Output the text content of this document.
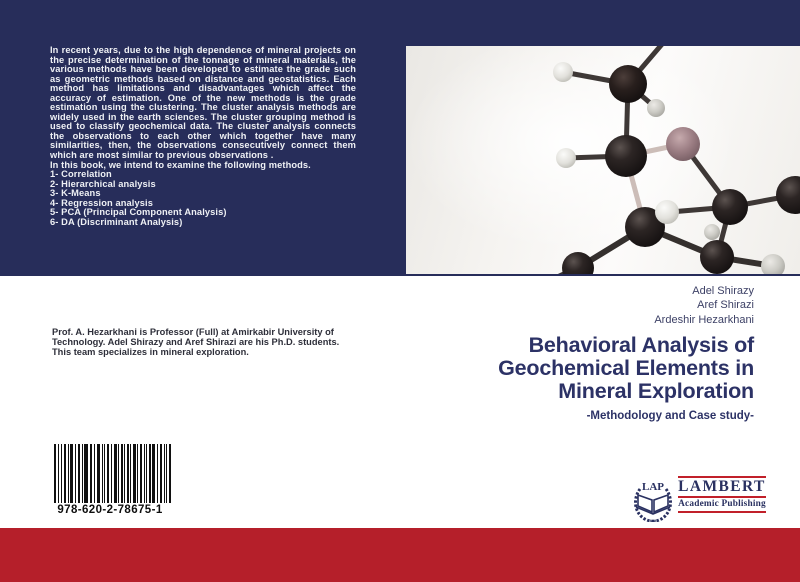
In recent years, due to the high dependence of mineral projects on the precise determination of the tonnage of mineral materials, the various methods have been developed to estimate the grade such as geometric methods based on distance and geostatistics. Each method has limitations and disadvantages which affect the accuracy of estimation. One of the new methods is the grade estimation using the clustering. The cluster analysis methods are widely used in the earth sciences. The cluster grouping method is used to classify geochemical data. The cluster analysis connects the observations to each other which together have many similarities, then, the observations consecutively connect them which are most similar to previous observations .
In this book, we intend to examine the following methods.
1- Correlation
2- Hierarchical analysis
3- K-Means
4- Regression analysis
5- PCA (Principal Component Analysis)
6- DA (Discriminant Analysis)
Prof. A. Hezarkhani is Professor (Full) at Amirkabir University of Technology. Adel Shirazy and Aref Shirazi are his Ph.D. students. This team specializes in mineral exploration.
Adel Shirazy
Aref Shirazi
Ardeshir Hezarkhani
Behavioral Analysis of
Geochemical Elements in
Mineral Exploration
-Methodology and Case study-
978-620-2-78675-1
LAP LAMBERT
Academic Publishing
